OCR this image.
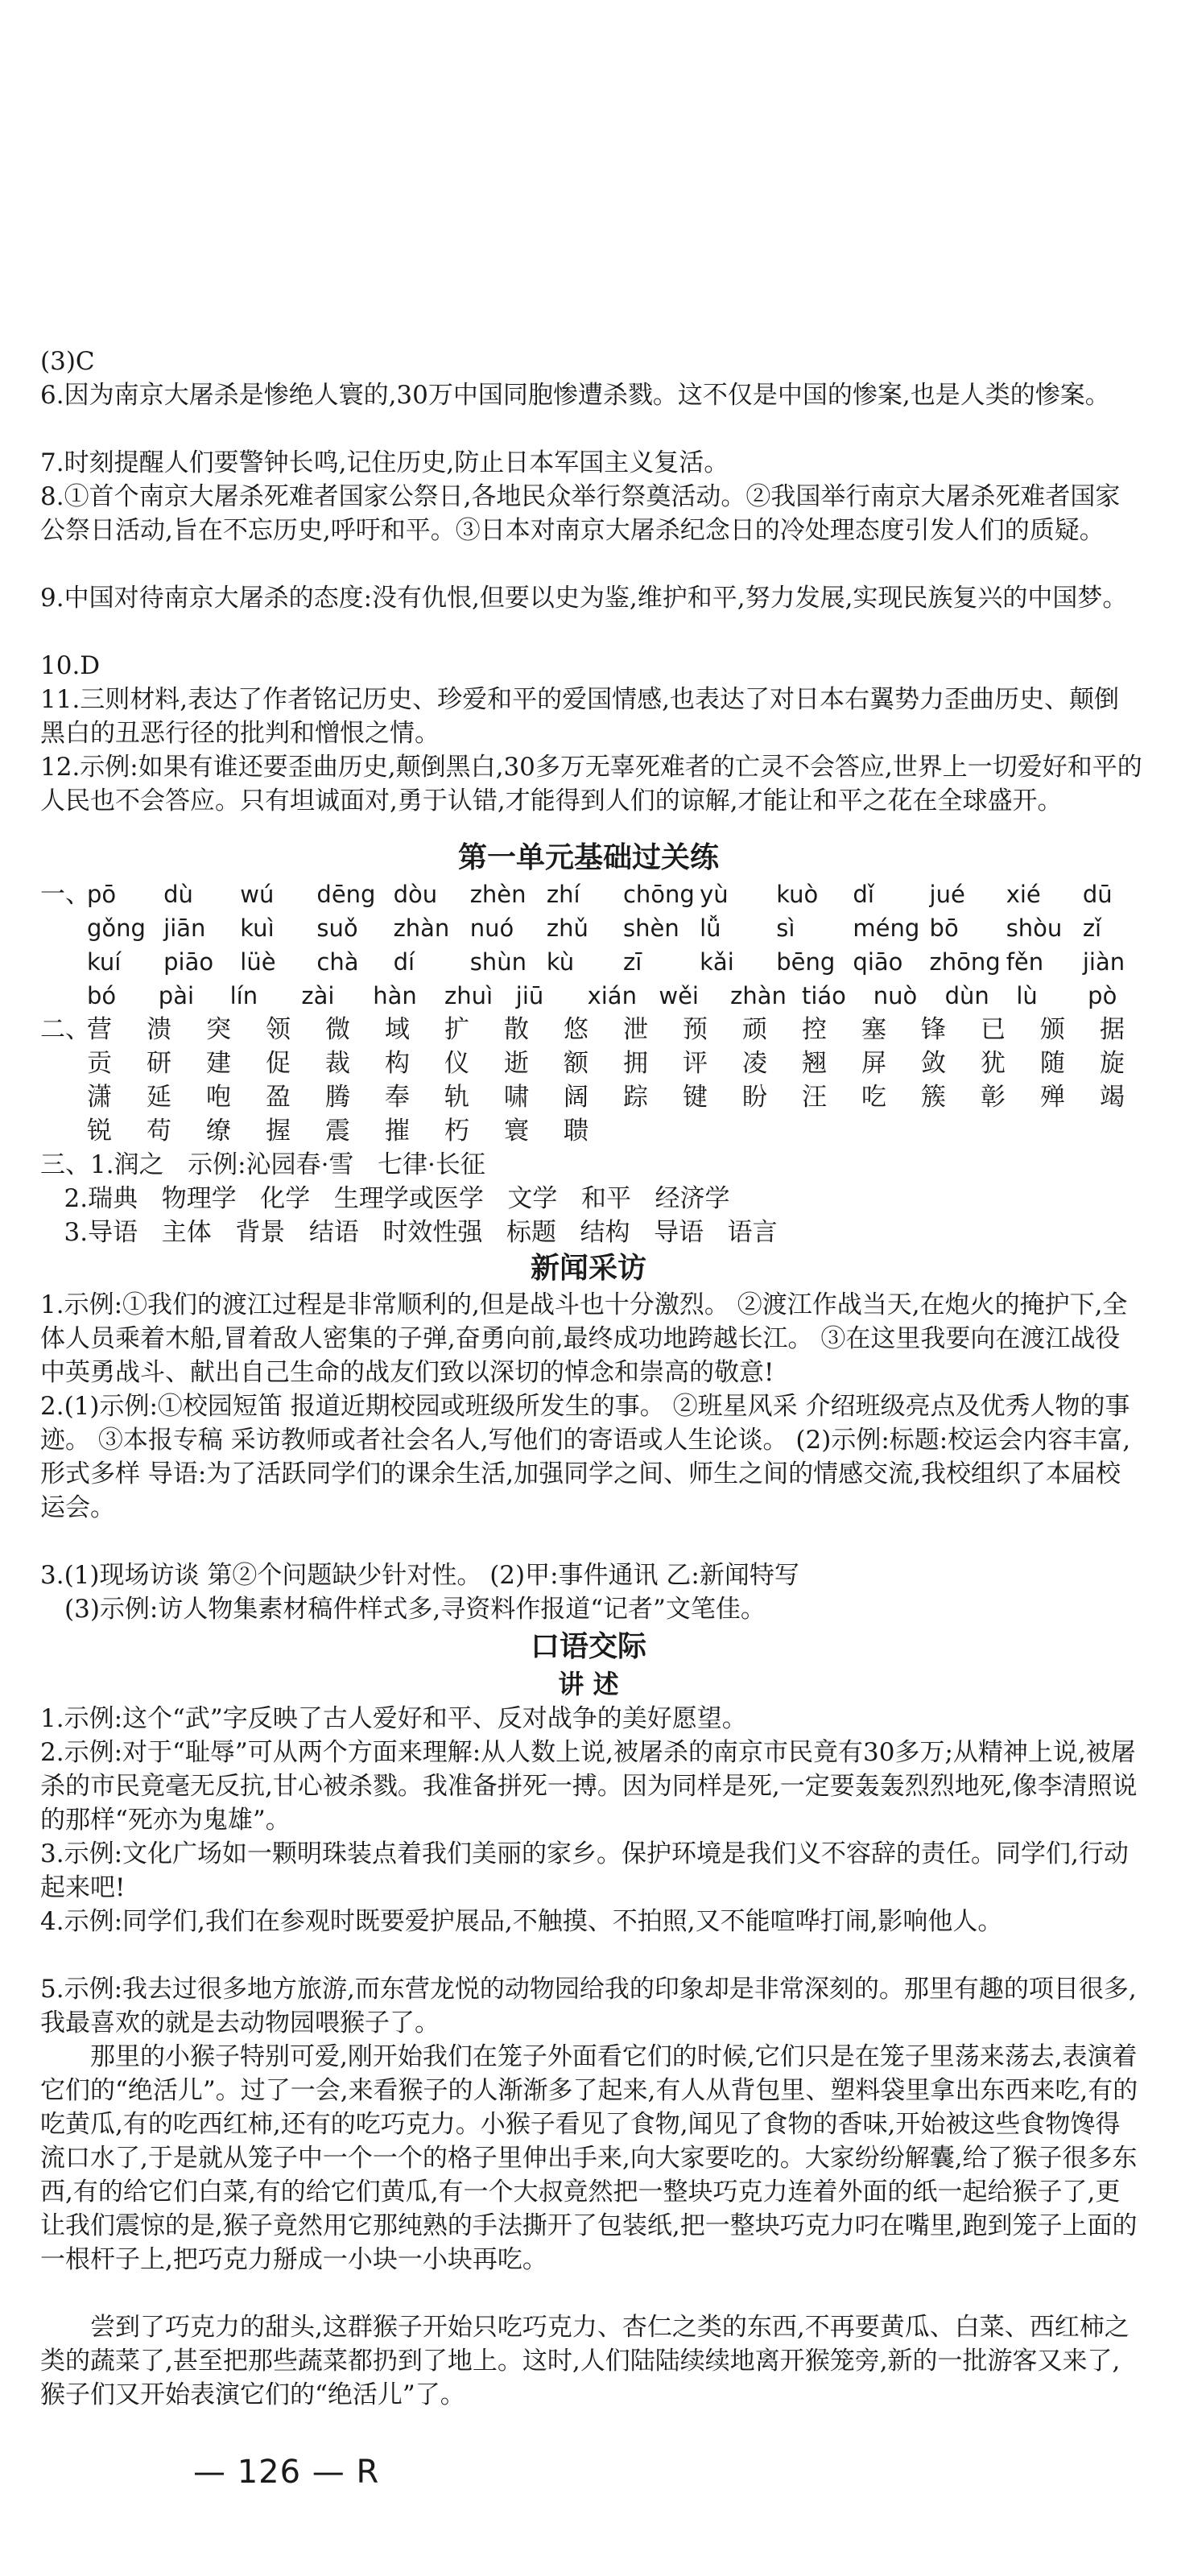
(3)C

6.因为南京大屠杀是惨绝人寰的,30万中国同胞惨遭杀戮。这不仅是中国的惨案,也是人类的惨案。

7.时刻提醒人们要警钟长鸣,记住历史,防止日本军国主义复活。

8.①首个南京大屠杀死难者国家公祭日,各地民众举行祭奠活动。②我国举行南京大屠杀死难者国家公祭日活动,旨在不忘历史,呼吁和平。③日本对南京大屠杀纪念日的冷处理态度引发人们的质疑。

9.中国对待南京大屠杀的态度:没有仇恨,但要以史为鉴,维护和平,努力发展,实现民族复兴的中国梦。

10.D

11.三则材料,表达了作者铭记历史、珍爱和平的爱国情感,也表达了对日本右翼势力歪曲历史、颠倒黑白的丑恶行径的批判和憎恨之情。

12.示例:如果有谁还要歪曲历史,颠倒黑白,30多万无辜死难者的亡灵不会答应,世界上一切爱好和平的人民也不会答应。只有坦诚面对,勇于认错,才能得到人们的谅解,才能让和平之花在全球盛开。

第一单元基础过关练
一、
pō	dù	wú	dēng dòu	zhèn zhí	chōng yù	kuò	dǐ	jué	xié	dū
gǒng jiān	kuì	suǒ	zhàn nuó	zhǔ	shèn lǚ	sì	méng bō	shòu zǐ
kuí	piāo	lüè	chà	dí	shùn kù	zī	kǎi	bēng qiāo	zhōng fěn	jiàn
bó	pài	lín	zài	hàn	zhuì jiū	xián wěi	zhàn tiáo	nuò	dùn	lù	pò
二、
营	溃	突	领	微	域	扩	散	悠	泄	预	顽	控	塞	锋	已	颁	据
贡	研	建	促	裁	构	仪	逝	额	拥	评	凌	翘	屏	敛	犹	随	旋
潇	延	咆	盈	腾	奉	轨	啸	阔	踪	键	盼	汪	吃	簇	彰	殚	竭
锐	苟	缭	握	震	摧	朽	寰	聩

三、1.润之   示例:沁园春·雪   七律·长征

2.瑞典   物理学   化学   生理学或医学   文学   和平   经济学

3.导语   主体   背景   结语   时效性强   标题   结构   导语   语言

新闻采访

1.示例:①我们的渡江过程是非常顺利的,但是战斗也十分激烈。 ②渡江作战当天,在炮火的掩护下,全体人员乘着木船,冒着敌人密集的子弹,奋勇向前,最终成功地跨越长江。 ③在这里我要向在渡江战役中英勇战斗、献出自己生命的战友们致以深切的悼念和崇高的敬意!

2.(1)示例:①校园短笛 报道近期校园或班级所发生的事。 ②班星风采 介绍班级亮点及优秀人物的事迹。 ③本报专稿 采访教师或者社会名人,写他们的寄语或人生论谈。 (2)示例:标题:校运会内容丰富,形式多样 导语:为了活跃同学们的课余生活,加强同学之间、师生之间的情感交流,我校组织了本届校运会。

3.(1)现场访谈 第②个问题缺少针对性。 (2)甲:事件通讯 乙:新闻特写

(3)示例:访人物集素材稿件样式多,寻资料作报道“记者”文笔佳。

口语交际
讲 述

1.示例:这个“武”字反映了古人爱好和平、反对战争的美好愿望。

2.示例:对于“耻辱”可从两个方面来理解:从人数上说,被屠杀的南京市民竟有30多万;从精神上说,被屠杀的市民竟毫无反抗,甘心被杀戮。我准备拼死一搏。因为同样是死,一定要轰轰烈烈地死,像李清照说的那样“死亦为鬼雄”。

3.示例:文化广场如一颗明珠装点着我们美丽的家乡。保护环境是我们义不容辞的责任。同学们,行动起来吧!

4.示例:同学们,我们在参观时既要爱护展品,不触摸、不拍照,又不能喧哗打闹,影响他人。

5.示例:我去过很多地方旅游,而东营龙悦的动物园给我的印象却是非常深刻的。那里有趣的项目很多,我最喜欢的就是去动物园喂猴子了。

那里的小猴子特别可爱,刚开始我们在笼子外面看它们的时候,它们只是在笼子里荡来荡去,表演着它们的“绝活儿”。过了一会,来看猴子的人渐渐多了起来,有人从背包里、塑料袋里拿出东西来吃,有的吃黄瓜,有的吃西红柿,还有的吃巧克力。小猴子看见了食物,闻见了食物的香味,开始被这些食物馋得流口水了,于是就从笼子中一个一个的格子里伸出手来,向大家要吃的。大家纷纷解囊,给了猴子很多东西,有的给它们白菜,有的给它们黄瓜,有一个大叔竟然把一整块巧克力连着外面的纸一起给猴子了,更让我们震惊的是,猴子竟然用它那纯熟的手法撕开了包装纸,把一整块巧克力叼在嘴里,跑到笼子上面的一根杆子上,把巧克力掰成一小块一小块再吃。

尝到了巧克力的甜头,这群猴子开始只吃巧克力、杏仁之类的东西,不再要黄瓜、白菜、西红柿之类的蔬菜了,甚至把那些蔬菜都扔到了地上。这时,人们陆陆续续地离开猴笼旁,新的一批游客又来了,猴子们又开始表演它们的“绝活儿”了。

— 126 — R
